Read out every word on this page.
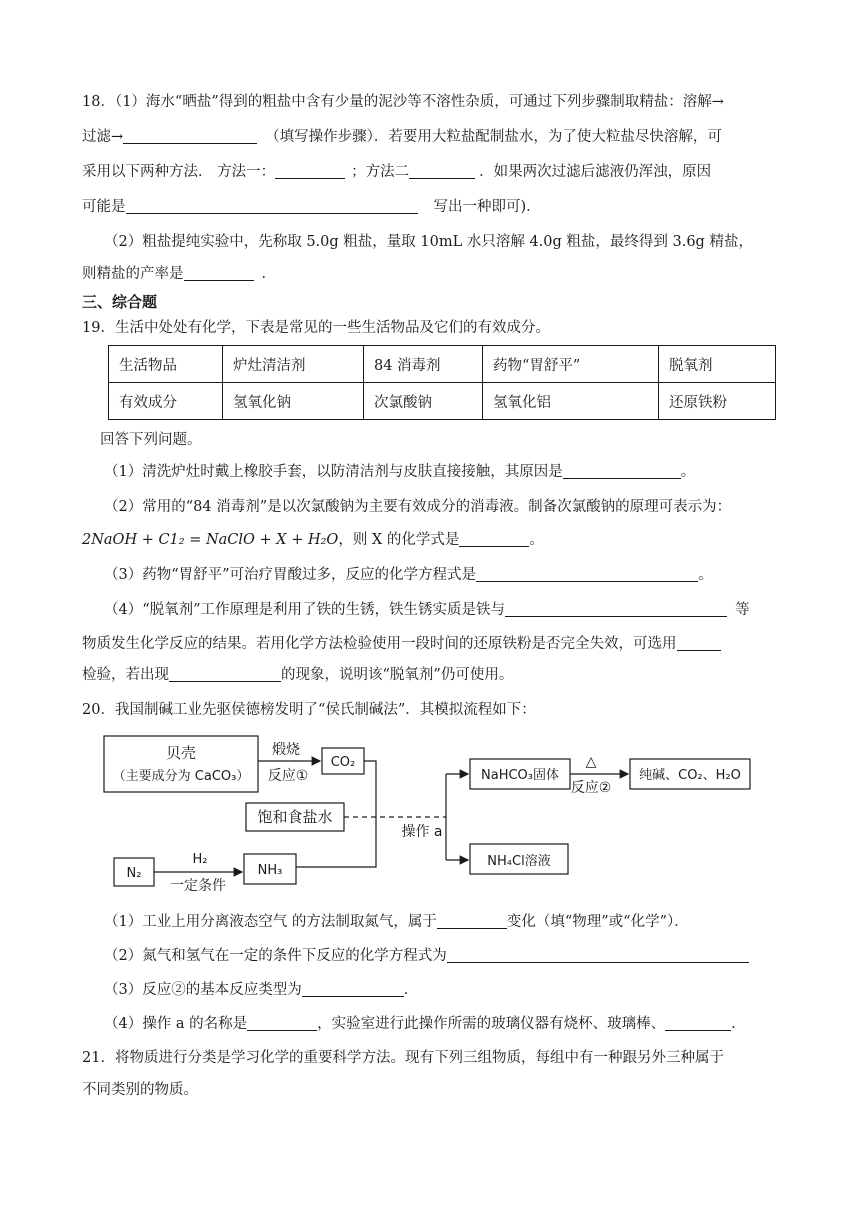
18．（1）海水“晒盐”得到的粗盐中含有少量的泥沙等不溶性杂质，可通过下列步骤制取精盐：溶解→
过滤→	（填写操作步骤）．若要用大粒盐配制盐水，为了使大粒盐尽快溶解，可
采用以下两种方法． 方法一：	；方法二	．如果两次过滤后滤液仍浑浊，原因
可能是	写出一种即可)．
（2）粗盐提纯实验中，先称取 5.0g 粗盐，量取 10mL 水只溶解 4.0g 粗盐，最终得到 3.6g 精盐，
则精盐的产率是	．
三、综合题
19．生活中处处有化学，下表是常见的一些生活物品及它们的有效成分。
生活物品	炉灶清洁剂	84 消毒剂	药物“胃舒平”	脱氧剂
有效成分	氢氧化钠	次氯酸钠	氢氧化铝	还原铁粉
回答下列问题。
（1）清洗炉灶时戴上橡胶手套，以防清洁剂与皮肤直接接触，其原因是	。
（2）常用的“84 消毒剂”是以次氯酸钠为主要有效成分的消毒液。制备次氯酸钠的原理可表示为：
2NaOH + C1₂ = NaClO + X + H₂O，则 X 的化学式是	。
（3）药物“胃舒平”可治疗胃酸过多，反应的化学方程式是	。
（4）“脱氧剂”工作原理是利用了铁的生锈，铁生锈实质是铁与	等
物质发生化学反应的结果。若用化学方法检验使用一段时间的还原铁粉是否完全失效，可选用
检验，若出现	的现象，说明该“脱氧剂”仍可使用。
20．我国制碱工业先驱侯德榜发明了“侯氏制碱法”．其模拟流程如下：
贝壳
（主要成分为 CaCO₃）
煅烧
反应①
CO₂
饱和食盐水
操作 a
NaHCO₃固体
△
反应②
纯碱、CO₂、H₂O
NH₄Cl溶液
N₂
H₂
一定条件
NH₃
（1）工业上用分离液态空气 的方法制取氮气，属于	变化（填“物理”或“化学”）．
（2）氮气和氢气在一定的条件下反应的化学方程式为
（3）反应②的基本反应类型为	．
（4）操作 a 的名称是	，实验室进行此操作所需的玻璃仪器有烧杯、玻璃棒、	．
21．将物质进行分类是学习化学的重要科学方法。现有下列三组物质，每组中有一种跟另外三种属于
不同类别的物质。
